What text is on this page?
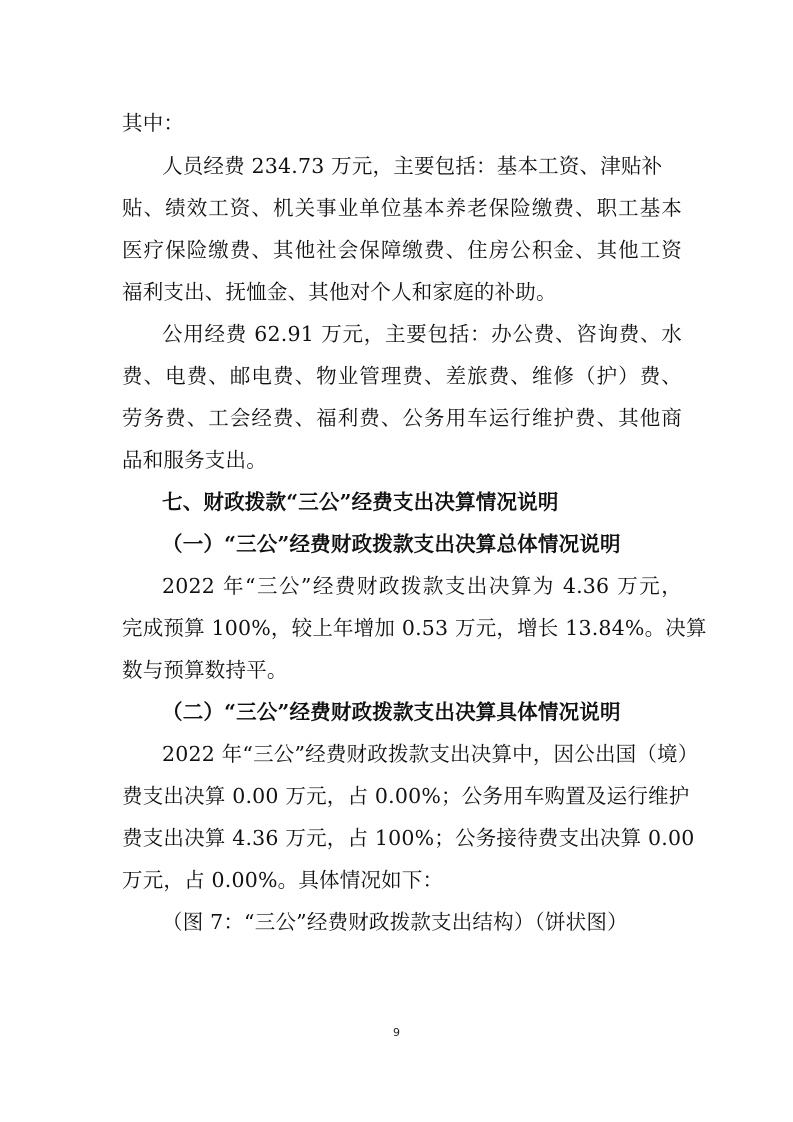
其中：
人员经费 234.73 万元，主要包括：基本工资、津贴补
贴、绩效工资、机关事业单位基本养老保险缴费、职工基本
医疗保险缴费、其他社会保障缴费、住房公积金、其他工资
福利支出、抚恤金、其他对个人和家庭的补助。
公用经费 62.91 万元，主要包括：办公费、咨询费、水
费、电费、邮电费、物业管理费、差旅费、维修（护）费、
劳务费、工会经费、福利费、公务用车运行维护费、其他商
品和服务支出。
七、财政拨款“三公”经费支出决算情况说明
（一）“三公”经费财政拨款支出决算总体情况说明
2022 年“三公”经费财政拨款支出决算为 4.36 万元，
完成预算 100%，较上年增加 0.53 万元，增长 13.84%。决算
数与预算数持平。
（二）“三公”经费财政拨款支出决算具体情况说明
2022 年“三公”经费财政拨款支出决算中，因公出国（境）
费支出决算 0.00 万元，占 0.00%；公务用车购置及运行维护
费支出决算 4.36 万元，占 100%；公务接待费支出决算 0.00
万元，占 0.00%。具体情况如下：
（图 7：“三公”经费财政拨款支出结构）（饼状图）
9
